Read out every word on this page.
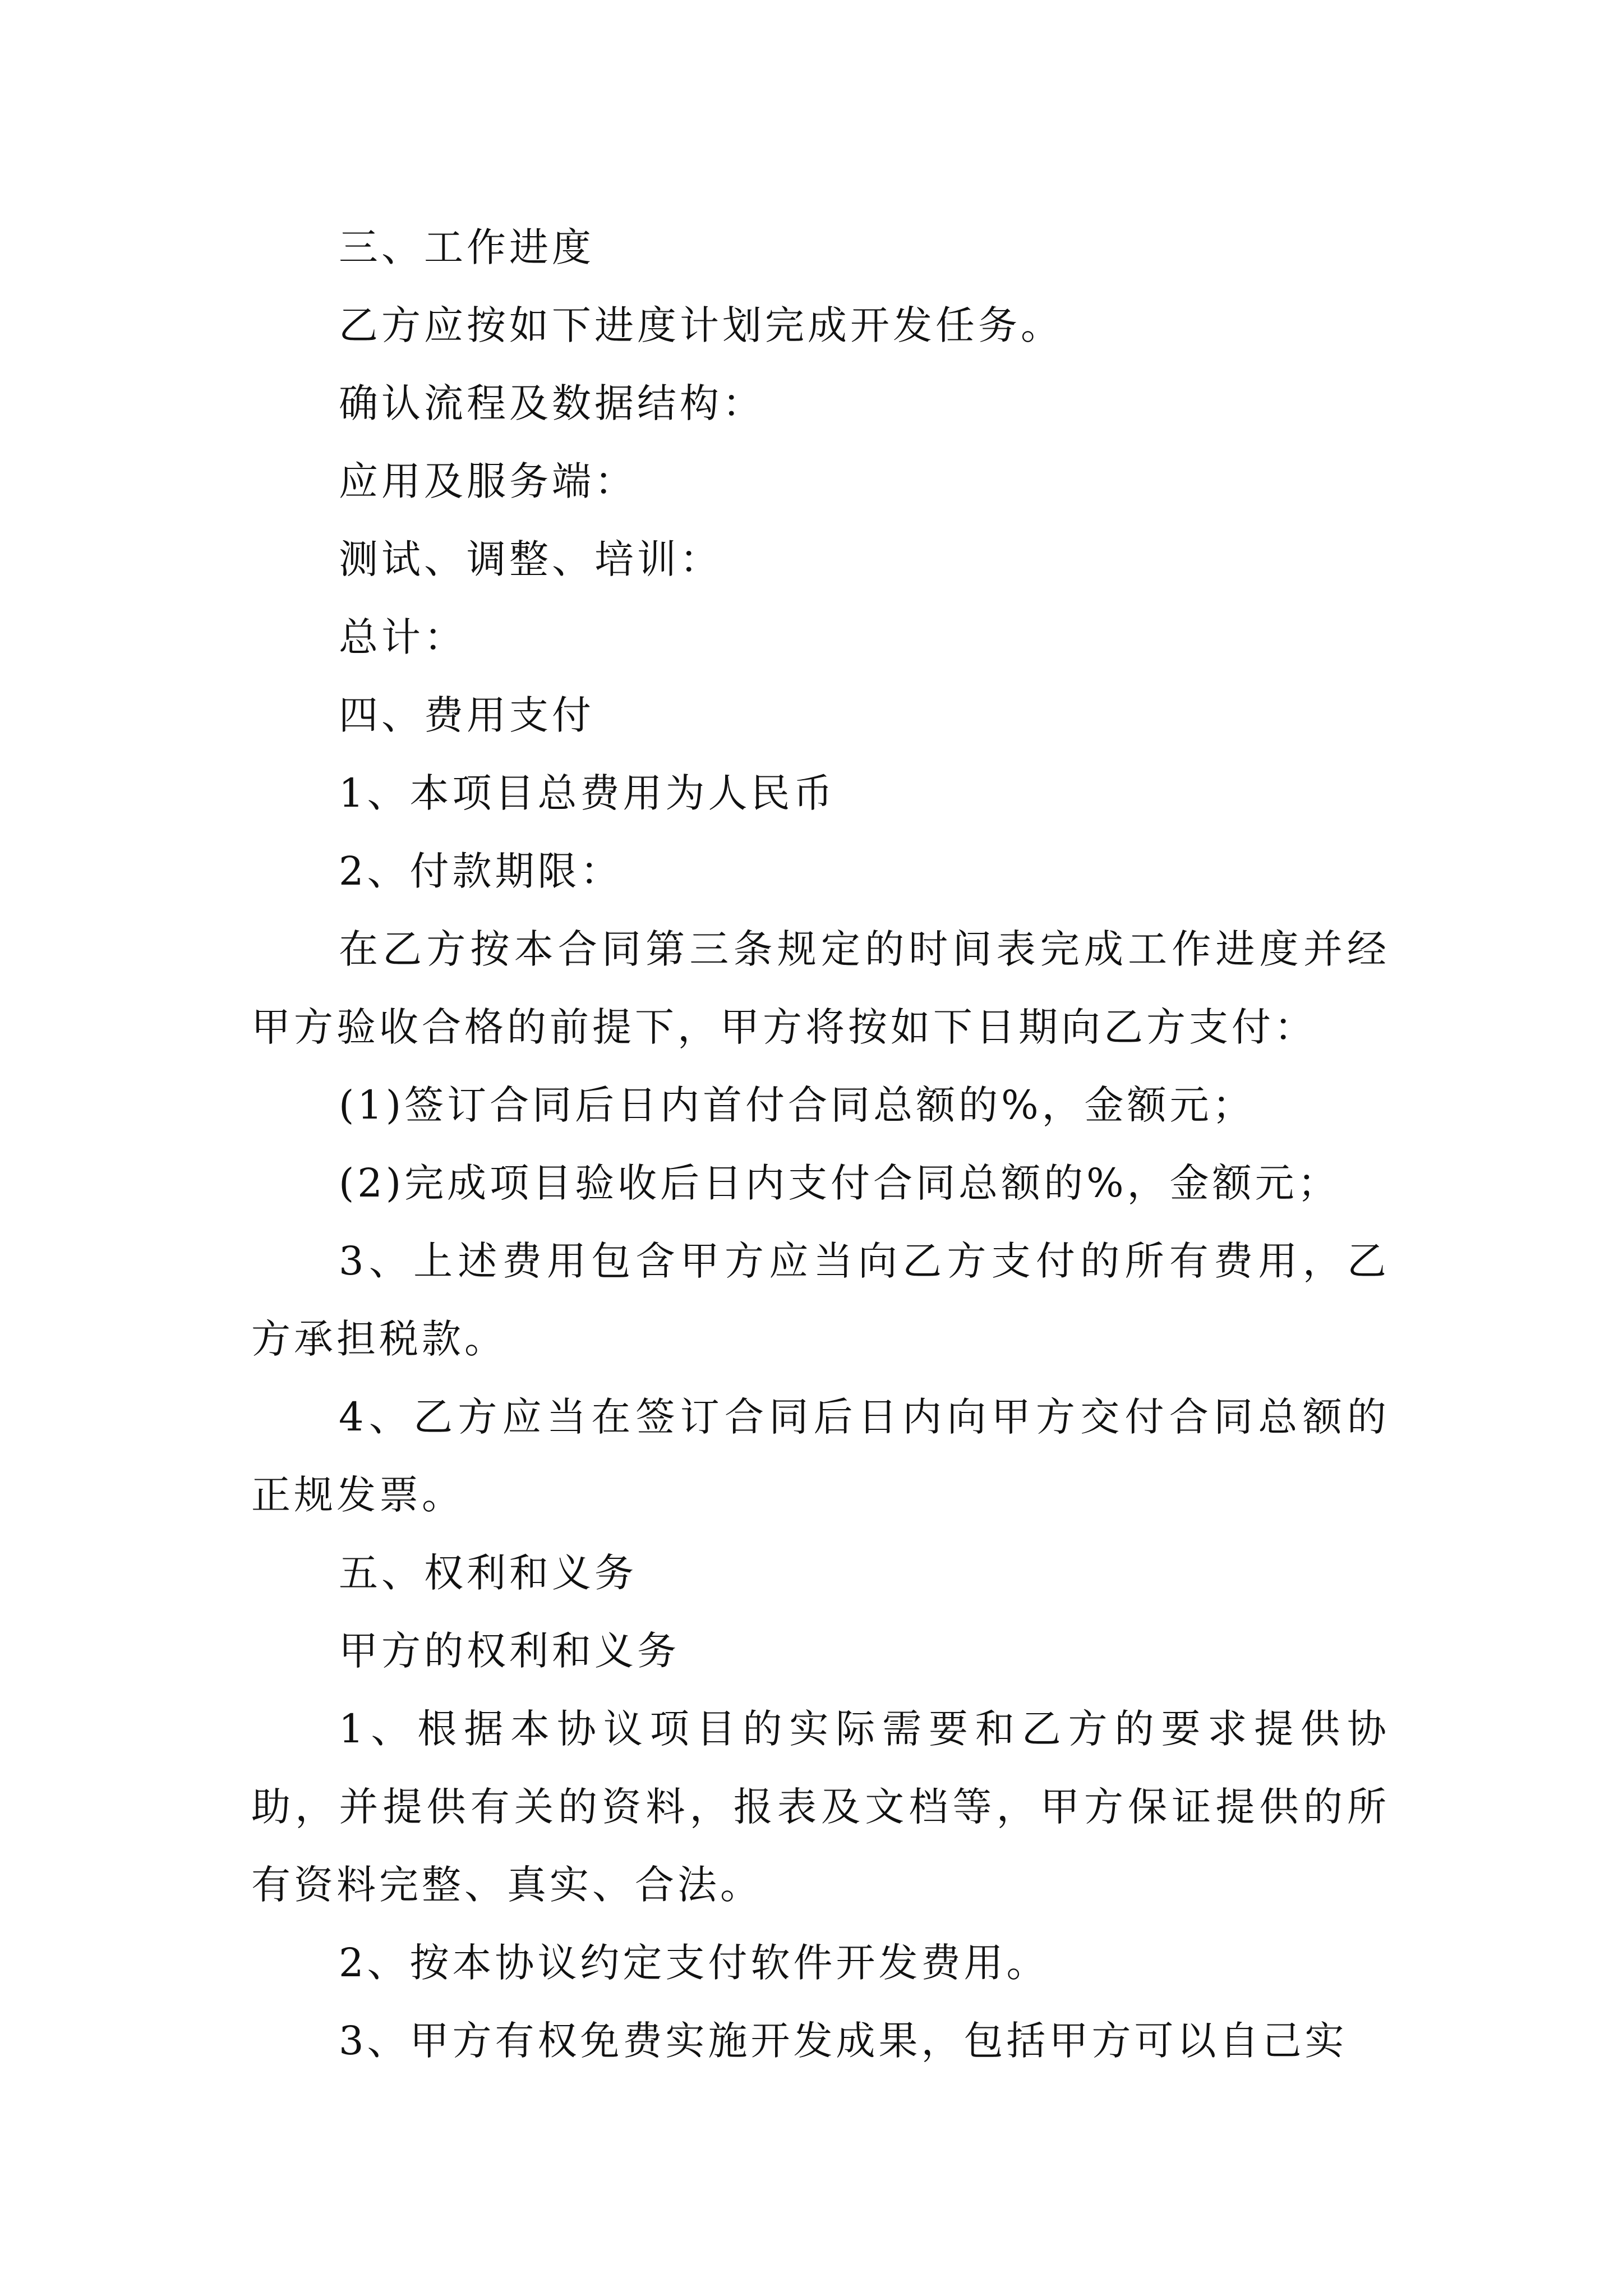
三、工作进度

乙方应按如下进度计划完成开发任务。

确认流程及数据结构：

应用及服务端：

测试、调整、培训：

总计：

四、费用支付

1、本项目总费用为人民币

2、付款期限：

在乙方按本合同第三条规定的时间表完成工作进度并经甲方验收合格的前提下，甲方将按如下日期向乙方支付：

(1)签订合同后日内首付合同总额的%，金额元；

(2)完成项目验收后日内支付合同总额的%，金额元；

3、上述费用包含甲方应当向乙方支付的所有费用，乙方承担税款。

4、乙方应当在签订合同后日内向甲方交付合同总额的正规发票。

五、权利和义务

甲方的权利和义务

1、根据本协议项目的实际需要和乙方的要求提供协助，并提供有关的资料，报表及文档等，甲方保证提供的所有资料完整、真实、合法。

2、按本协议约定支付软件开发费用。

3、甲方有权免费实施开发成果，包括甲方可以自己实
